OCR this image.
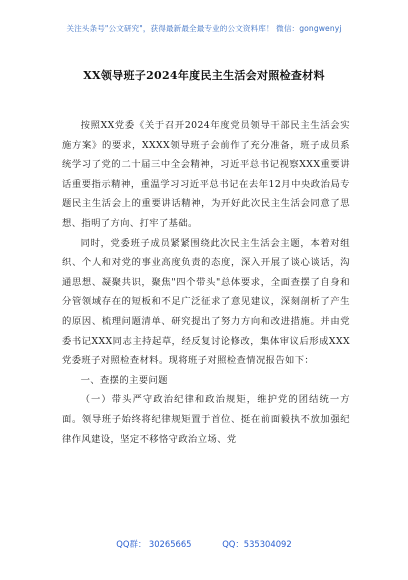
关注头条号"公文研究"，获得最新最全最专业的公文资料库！ 微信：gongwenyj
XX领导班子2024年度民主生活会对照检查材料

按照XX党委《关于召开2024年度党员领导干部民主生活会实施方案》的要求，XXXX领导班子会前作了充分准备，班子成员系统学习了党的二十届三中全会精神，习近平总书记视察XXX重要讲话重要指示精神，重温学习习近平总书记在去年12月中央政治局专题民主生活会上的重要讲话精神，为开好此次民主生活会同意了思想、指明了方向、打牢了基础。

同时，党委班子成员紧紧围绕此次民主生活会主题，本着对组织、个人和对党的事业高度负责的态度，深入开展了谈心谈话，沟通思想、凝聚共识，聚焦"四个带头"总体要求，全面查摆了自身和分管领域存在的短板和不足广泛征求了意见建议，深刻剖析了产生的原因、梳理问题清单、研究提出了努力方向和改进措施。并由党委书记XXX同志主持起草，经反复讨论修改，集体审议后形成XXX党委班子对照检查材料。现将班子对照检查情况报告如下：

一、查摆的主要问题

（一）带头严守政治纪律和政治规矩，维护党的团结统一方面。领导班子始终将纪律规矩置于首位、挺在前面毅执不放加强纪律作风建设，坚定不移恪守政治立场、党

QQ群： 30265665	QQ：535304092
